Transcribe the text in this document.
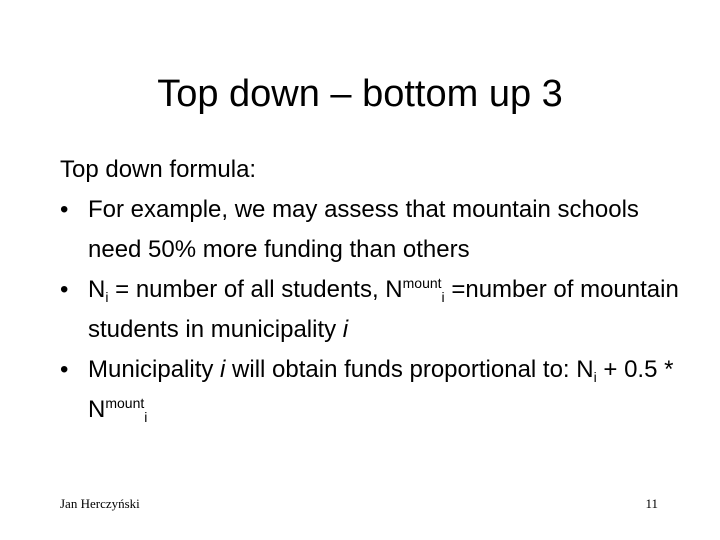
Top down – bottom up 3

Top down formula:

• For example, we may assess that mountain schools need 50% more funding than others
• $N_i$ = number of all students, $N^{mount}_i$ =number of mountain students in municipality i
• Municipality i will obtain funds proportional to: $N_i + 0.5 * N^{mount}_i$
Jan Herczyński	11
